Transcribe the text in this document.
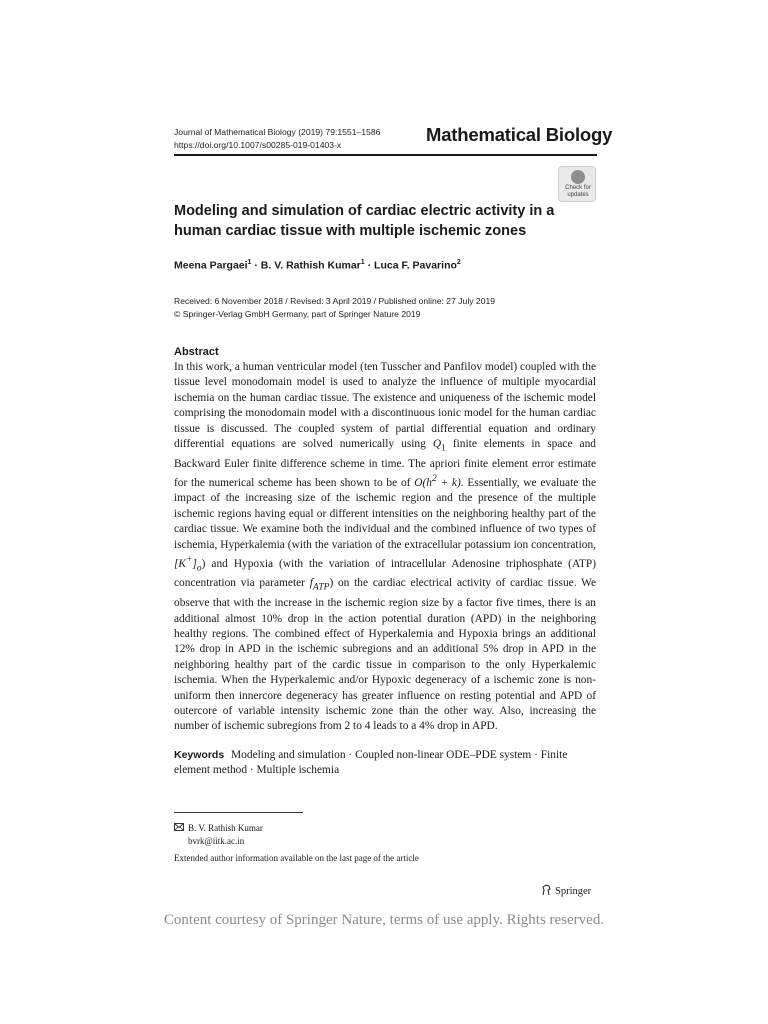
Journal of Mathematical Biology (2019) 79:1551–1586
https://doi.org/10.1007/s00285-019-01403-x	Mathematical Biology
Check for
updates
Modeling and simulation of cardiac electric activity in a human cardiac tissue with multiple ischemic zones
Meena Pargaei$^1$ · B. V. Rathish Kumar$^1$ · Luca F. Pavarino$^2$
Received: 6 November 2018 / Revised: 3 April 2019 / Published online: 27 July 2019
© Springer-Verlag GmbH Germany, part of Springer Nature 2019
Abstract
In this work, a human ventricular model (ten Tusscher and Panfilov model) coupled with the tissue level monodomain model is used to analyze the influence of multiple myocardial ischemia on the human cardiac tissue. The existence and uniqueness of the ischemic model comprising the monodomain model with a discontinuous ionic model for the human cardiac tissue is discussed. The coupled system of partial differential equation and ordinary differential equations are solved numerically using $Q_1$ finite elements in space and Backward Euler finite difference scheme in time. The apriori finite element error estimate for the numerical scheme has been shown to be of $O(h^2 + k)$. Essentially, we evaluate the impact of the increasing size of the ischemic region and the presence of the multiple ischemic regions having equal or different intensities on the neighboring healthy part of the cardiac tissue. We examine both the individual and the combined influence of two types of ischemia, Hyperkalemia (with the variation of the extracellular potassium ion concentration, $[K^+]_o$) and Hypoxia (with the variation of intracellular Adenosine triphosphate (ATP) concentration via parameter $f_{ATP}$) on the cardiac electrical activity of cardiac tissue. We observe that with the increase in the ischemic region size by a factor five times, there is an additional almost 10% drop in the action potential duration (APD) in the neighboring healthy regions. The combined effect of Hyperkalemia and Hypoxia brings an additional 12% drop in APD in the ischemic subregions and an additional 5% drop in APD in the neighboring healthy part of the cardic tissue in comparison to the only Hyperkalemic ischemia. When the Hyperkalemic and/or Hypoxic degeneracy of a ischemic zone is non-uniform then innercore degeneracy has greater influence on resting potential and APD of outercore of variable intensity ischemic zone than the other way. Also, increasing the number of ischemic subregions from 2 to 4 leads to a 4% drop in APD.
Keywords Modeling and simulation · Coupled non-linear ODE–PDE system · Finite element method · Multiple ischemia
B. V. Rathish Kumar
bvrk@iitk.ac.in
Extended author information available on the last page of the article
Springer
Content courtesy of Springer Nature, terms of use apply. Rights reserved.
